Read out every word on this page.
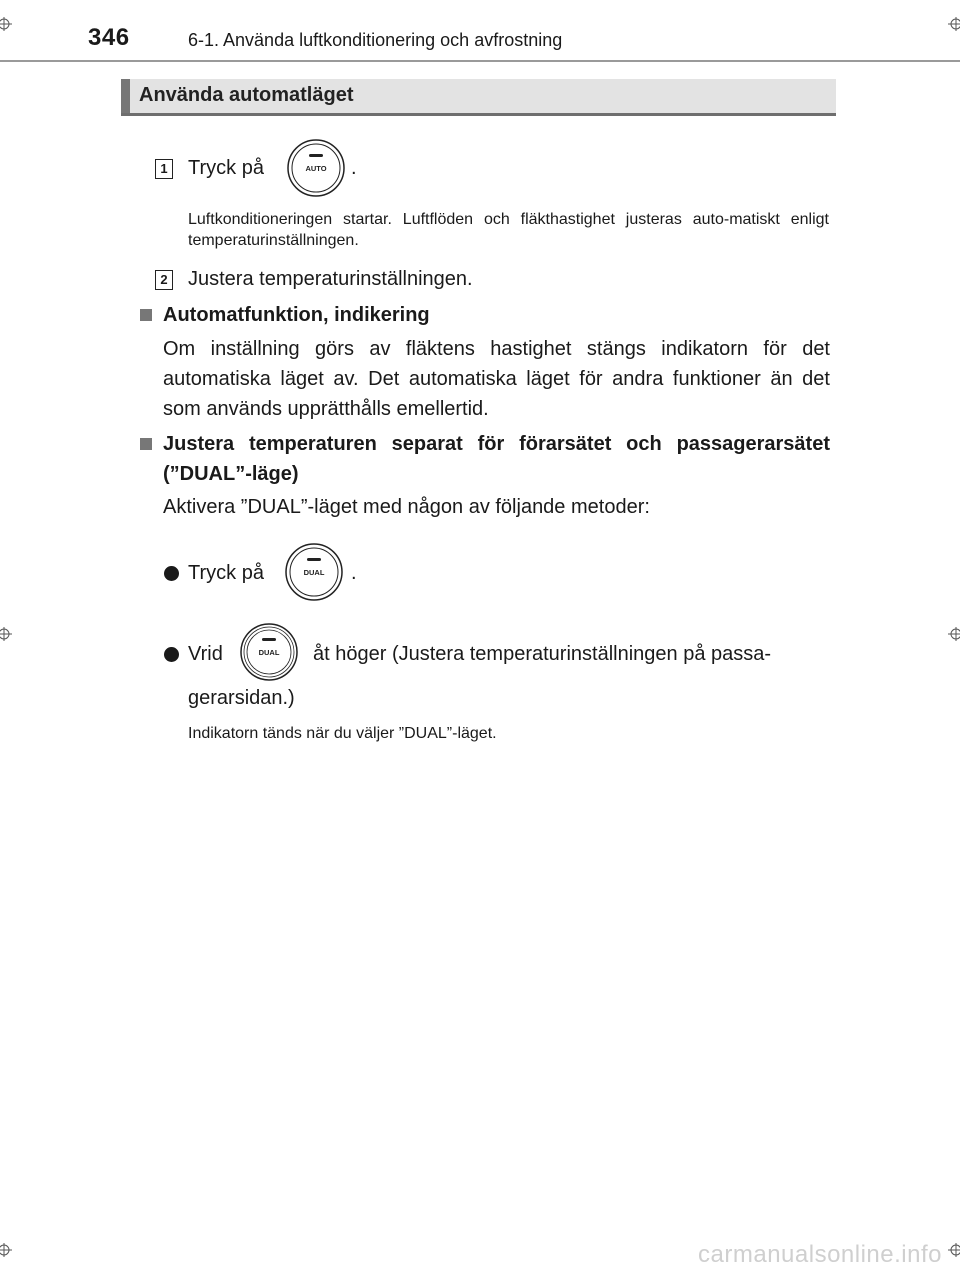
346	6-1. Använda luftkonditionering och avfrostning
Använda automatläget
1 Tryck på	AUTO .
Luftkonditioneringen startar. Luftflöden och fläkthastighet justeras auto-matiskt enligt temperaturinställningen.
2 Justera temperaturinställningen.
Automatfunktion, indikering
Om inställning görs av fläktens hastighet stängs indikatorn för det automatiska läget av. Det automatiska läget för andra funktioner än det som används upprätthålls emellertid.
Justera temperaturen separat för förarsätet och passagerarsätet (”DUAL”-läge)
Aktivera ”DUAL”-läget med någon av följande metoder:
Tryck på	DUAL .
Vrid	DUAL åt höger (Justera temperaturinställningen på passa-
gerarsidan.)
Indikatorn tänds när du väljer ”DUAL”-läget.
carmanualsonline.info
